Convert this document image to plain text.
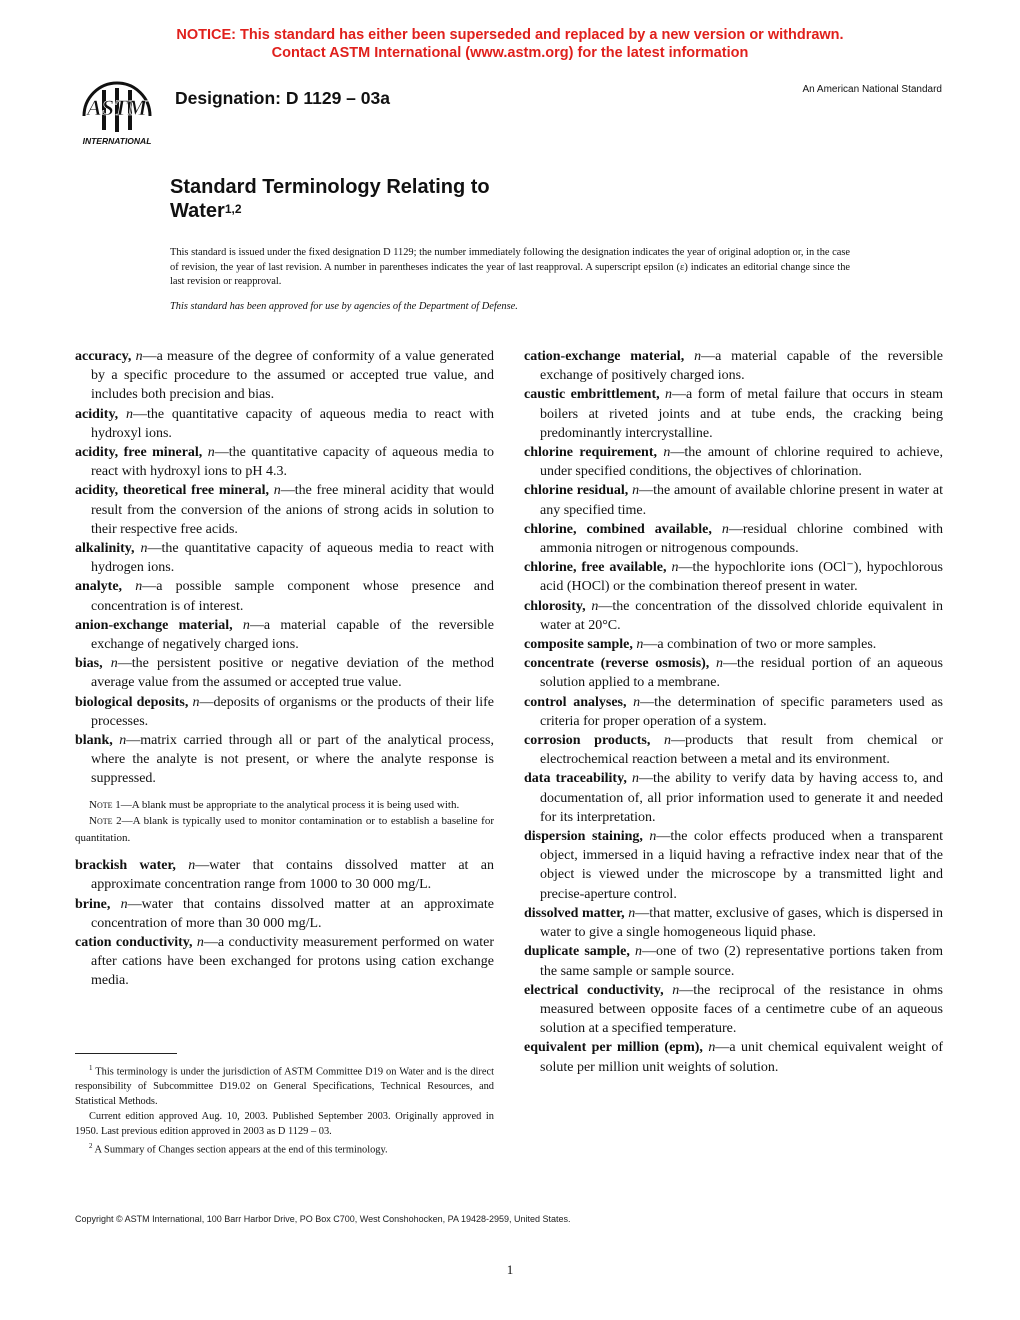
NOTICE: This standard has either been superseded and replaced by a new version or withdrawn.
Contact ASTM International (www.astm.org) for the latest information
ASTM
INTERNATIONAL
Designation: D 1129 – 03a	An American National Standard
Standard Terminology Relating to
Water$^{1,2}$
This standard is issued under the fixed designation D 1129; the number immediately following the designation indicates the year of original adoption or, in the case of revision, the year of last revision. A number in parentheses indicates the year of last reapproval. A superscript epsilon (ε) indicates an editorial change since the last revision or reapproval.
This standard has been approved for use by agencies of the Department of Defense.

accuracy, n—a measure of the degree of conformity of a value generated by a specific procedure to the assumed or accepted true value, and includes both precision and bias.

acidity, n—the quantitative capacity of aqueous media to react with hydroxyl ions.

acidity, free mineral, n—the quantitative capacity of aqueous media to react with hydroxyl ions to pH 4.3.

acidity, theoretical free mineral, n—the free mineral acidity that would result from the conversion of the anions of strong acids in solution to their respective free acids.

alkalinity, n—the quantitative capacity of aqueous media to react with hydrogen ions.

analyte, n—a possible sample component whose presence and concentration is of interest.

anion-exchange material, n—a material capable of the reversible exchange of negatively charged ions.

bias, n—the persistent positive or negative deviation of the method average value from the assumed or accepted true value.

biological deposits, n—deposits of organisms or the products of their life processes.

blank, n—matrix carried through all or part of the analytical process, where the analyte is not present, or where the analyte response is suppressed.

Note 1—A blank must be appropriate to the analytical process it is being used with.

Note 2—A blank is typically used to monitor contamination or to establish a baseline for quantitation.

brackish water, n—water that contains dissolved matter at an approximate concentration range from 1000 to 30 000 mg/L.

brine, n—water that contains dissolved matter at an approximate concentration of more than 30 000 mg/L.

cation conductivity, n—a conductivity measurement performed on water after cations have been exchanged for protons using cation exchange media.

cation-exchange material, n—a material capable of the reversible exchange of positively charged ions.

caustic embrittlement, n—a form of metal failure that occurs in steam boilers at riveted joints and at tube ends, the cracking being predominantly intercrystalline.

chlorine requirement, n—the amount of chlorine required to achieve, under specified conditions, the objectives of chlorination.

chlorine residual, n—the amount of available chlorine present in water at any specified time.

chlorine, combined available, n—residual chlorine combined with ammonia nitrogen or nitrogenous compounds.

chlorine, free available, n—the hypochlorite ions (OCl⁻), hypochlorous acid (HOCl) or the combination thereof present in water.

chlorosity, n—the concentration of the dissolved chloride equivalent in water at 20°C.

composite sample, n—a combination of two or more samples.

concentrate (reverse osmosis), n—the residual portion of an aqueous solution applied to a membrane.

control analyses, n—the determination of specific parameters used as criteria for proper operation of a system.

corrosion products, n—products that result from chemical or electrochemical reaction between a metal and its environment.

data traceability, n—the ability to verify data by having access to, and documentation of, all prior information used to generate it and needed for its interpretation.

dispersion staining, n—the color effects produced when a transparent object, immersed in a liquid having a refractive index near that of the object is viewed under the microscope by a transmitted light and precise-aperture control.

dissolved matter, n—that matter, exclusive of gases, which is dispersed in water to give a single homogeneous liquid phase.

duplicate sample, n—one of two (2) representative portions taken from the same sample or sample source.

electrical conductivity, n—the reciprocal of the resistance in ohms measured between opposite faces of a centimetre cube of an aqueous solution at a specified temperature.

equivalent per million (epm), n—a unit chemical equivalent weight of solute per million unit weights of solution.

$^1$ This terminology is under the jurisdiction of ASTM Committee D19 on Water and is the direct responsibility of Subcommittee D19.02 on General Specifications, Technical Resources, and Statistical Methods.

Current edition approved Aug. 10, 2003. Published September 2003. Originally approved in 1950. Last previous edition approved in 2003 as D 1129 – 03.

$^2$ A Summary of Changes section appears at the end of this terminology.

Copyright © ASTM International, 100 Barr Harbor Drive, PO Box C700, West Conshohocken, PA 19428-2959, United States.
1
